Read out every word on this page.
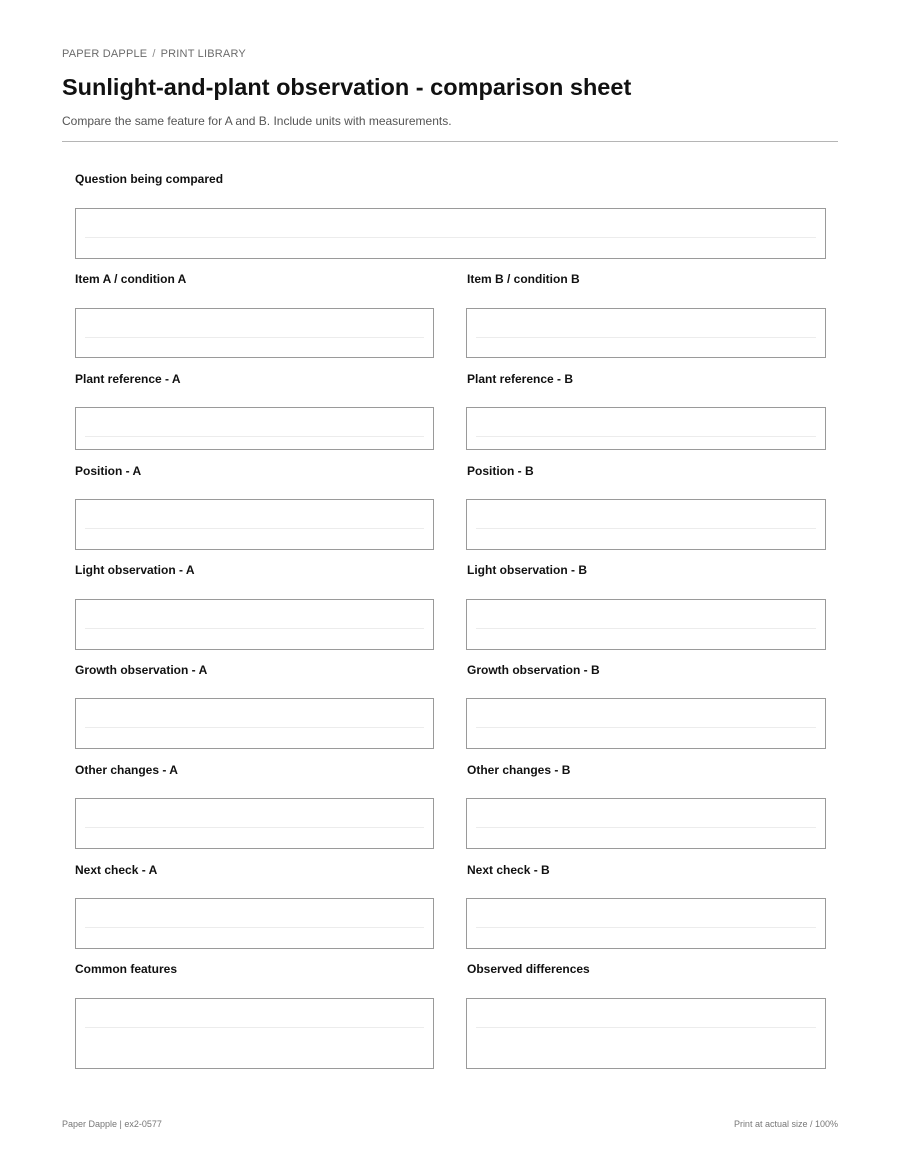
PAPER DAPPLE / PRINT LIBRARY
Sunlight-and-plant observation - comparison sheet
Compare the same feature for A and B. Include units with measurements.
Question being compared
Item A / condition A	Item B / condition B
Plant reference - A	Plant reference - B
Position - A	Position - B
Light observation - A	Light observation - B
Growth observation - A	Growth observation - B
Other changes - A	Other changes - B
Next check - A	Next check - B
Common features	Observed differences
Paper Dapple | ex2-0577	Print at actual size / 100%
